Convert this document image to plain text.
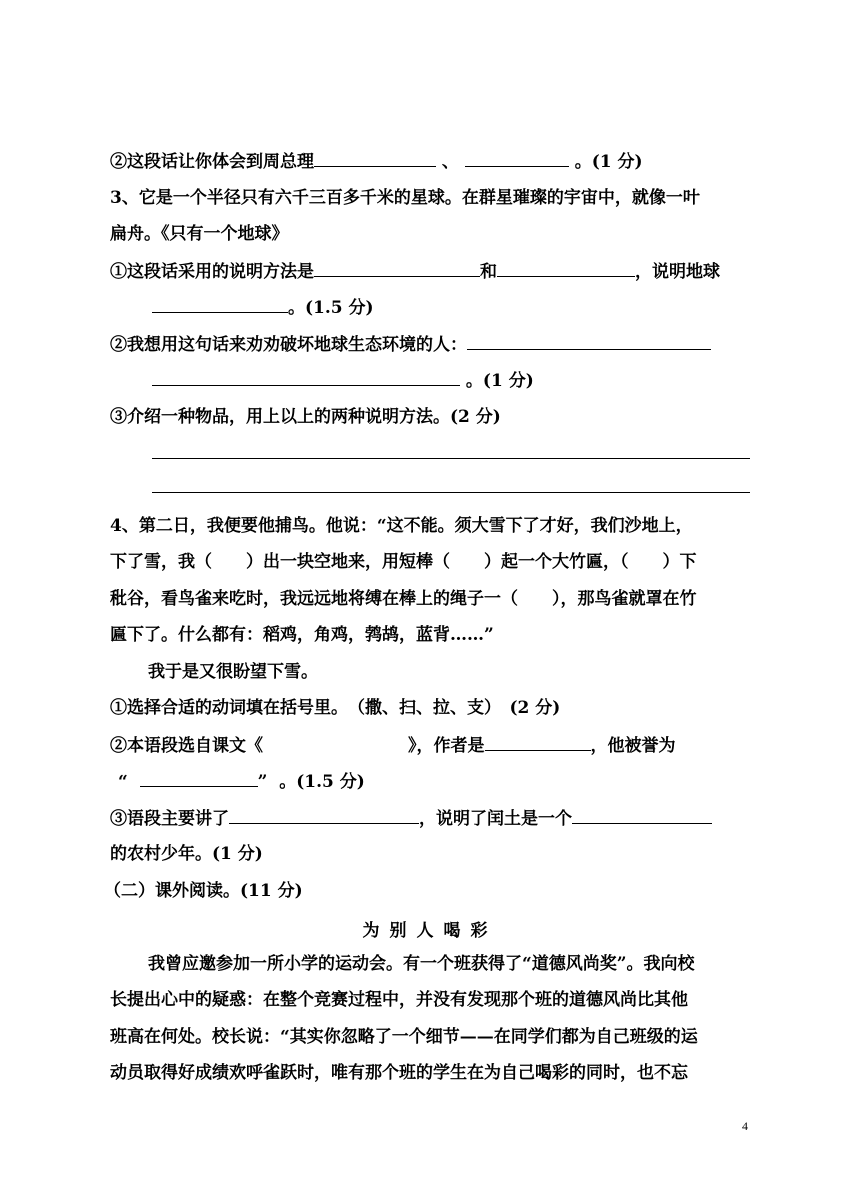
②这段话让你体会到周总理	、	。(1 分)
3、它是一个半径只有六千三百多千米的星球。在群星璀璨的宇宙中，就像一叶
扁舟。《只有一个地球》
①这段话采用的说明方法是	和	，说明地球
。(1.5 分)
②我想用这句话来劝劝破坏地球生态环境的人：
。(1 分)
③介绍一种物品，用上以上的两种说明方法。(2 分)
4、第二日，我便要他捕鸟。他说：“这不能。须大雪下了才好，我们沙地上，
下了雪，我（　　）出一块空地来，用短棒（　　）起一个大竹匾，（　　）下
秕谷，看鸟雀来吃时，我远远地将缚在棒上的绳子一（　　），那鸟雀就罩在竹
匾下了。什么都有：稻鸡，角鸡，鹁鸪，蓝背……”
我于是又很盼望下雪。
①选择合适的动词填在括号里。　（撒、扫、拉、支）　(2 分)
②本语段选自课文《	》，作者是	，他被誉为
“	” 。(1.5 分)
③语段主要讲了	，说明了闰土是一个
的农村少年。(1 分)
（二）课外阅读。(11 分)
为别人喝彩
我曾应邀参加一所小学的运动会。有一个班获得了“道德风尚奖”。我向校
长提出心中的疑惑：在整个竞赛过程中，并没有发现那个班的道德风尚比其他
班高在何处。校长说：“其实你忽略了一个细节——在同学们都为自己班级的运
动员取得好成绩欢呼雀跃时，唯有那个班的学生在为自己喝彩的同时，也不忘
4
